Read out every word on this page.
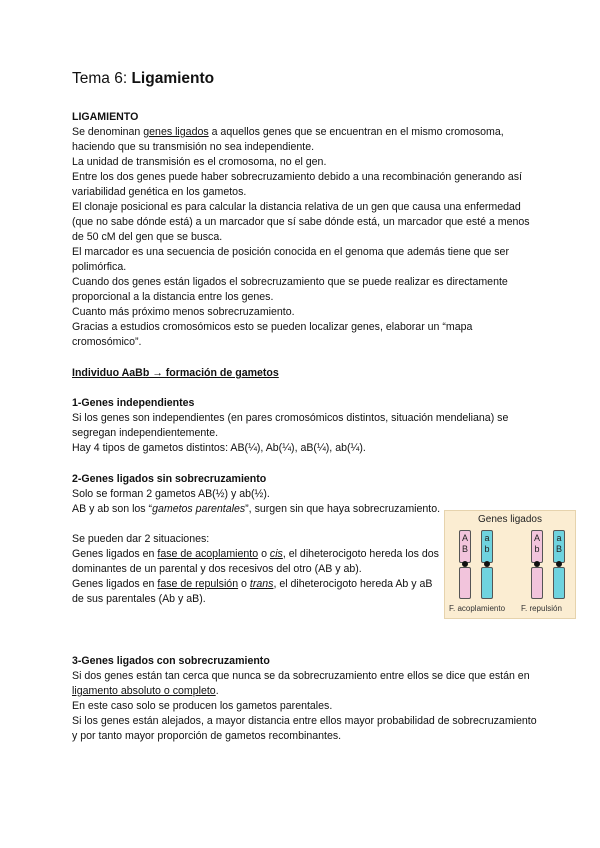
Tema 6: Ligamiento

LIGAMIENTO

Se denominan genes ligados a aquellos genes que se encuentran en el mismo cromosoma, haciendo que su transmisión no sea independiente.

La unidad de transmisión es el cromosoma, no el gen.

Entre los dos genes puede haber sobrecruzamiento debido a una recombinación generando así variabilidad genética en los gametos.

El clonaje posicional es para calcular la distancia relativa de un gen que causa una enfermedad (que no sabe dónde está) a un marcador que sí sabe dónde está, un marcador que esté a menos de 50 cM del gen que se busca.

El marcador es una secuencia de posición conocida en el genoma que además tiene que ser polimórfica.

Cuando dos genes están ligados el sobrecruzamiento que se puede realizar es directamente proporcional a la distancia entre los genes.

Cuanto más próximo menos sobrecruzamiento.

Gracias a estudios cromosómicos esto se pueden localizar genes, elaborar un “mapa cromosómico”.

Individuo AaBb → formación de gametos

1-Genes independientes

Si los genes son independientes (en pares cromosómicos distintos, situación mendeliana) se segregan independientemente.

Hay 4 tipos de gametos distintos: AB(¼), Ab(¼), aB(¼), ab(¼).

2-Genes ligados sin sobrecruzamiento

Solo se forman 2 gametos AB(½) y ab(½).

AB y ab son los “gametos parentales”, surgen sin que haya sobrecruzamiento.

Se pueden dar 2 situaciones:

Genes ligados en fase de acoplamiento o cis, el diheterocigoto hereda los dos dominantes de un parental y dos recesivos del otro (AB y ab).

Genes ligados en fase de repulsión o trans, el diheterocigoto hereda Ab y aB de sus parentales (Ab y aB).

3-Genes ligados con sobrecruzamiento

Si dos genes están tan cerca que nunca se da sobrecruzamiento entre ellos se dice que están en ligamento absoluto o completo.

En este caso solo se producen los gametos parentales.

Si los genes están alejados, a mayor distancia entre ellos mayor probabilidad de sobrecruzamiento y por tanto mayor proporción de gametos recombinantes.

Genes ligados
A
B
a
b
A
b
a
B
F. acoplamiento F. repulsión
